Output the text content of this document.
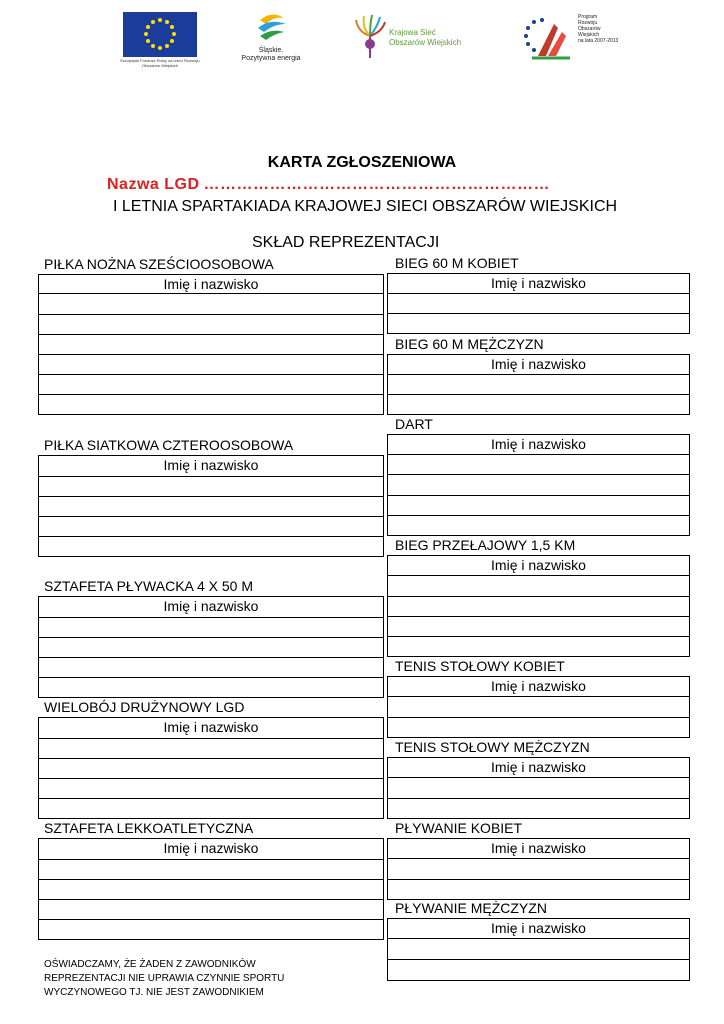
Europejski Fundusz Rolny na rzecz Rozwoju Obszarów Wiejskich
Śląskie.
Pozytywna energia
Krajowa Sieć
Obszarów Wiejskich
Program
Rozwoju
Obszarów
Wiejskich
na lata 2007-2013
KARTA ZGŁOSZENIOWA
Nazwa LGD ………………………………………………………
I LETNIA SPARTAKIADA KRAJOWEJ SIECI OBSZARÓW WIEJSKICH
SKŁAD REPREZENTACJI
PIŁKA NOŻNA SZEŚCIOOSOBOWA
Imię i nazwisko
PIŁKA SIATKOWA CZTEROOSOBOWA
Imię i nazwisko
SZTAFETA PŁYWACKA 4 X 50 M
Imię i nazwisko
WIELOBÓJ DRUŻYNOWY LGD
Imię i nazwisko
SZTAFETA LEKKOATLETYCZNA
Imię i nazwisko
OŚWIADCZAMY, ŻE ŻADEN Z ZAWODNIKÓW
REPREZENTACJI NIE UPRAWIA CZYNNIE SPORTU
WYCZYNOWEGO TJ. NIE JEST ZAWODNIKIEM
BIEG 60 M KOBIET
Imię i nazwisko
BIEG 60 M MĘŻCZYZN
Imię i nazwisko
DART
Imię i nazwisko
BIEG PRZEŁAJOWY 1,5 KM
Imię i nazwisko
TENIS STOŁOWY KOBIET
Imię i nazwisko
TENIS STOŁOWY MĘŻCZYZN
Imię i nazwisko
PŁYWANIE KOBIET
Imię i nazwisko
PŁYWANIE MĘŻCZYZN
Imię i nazwisko
